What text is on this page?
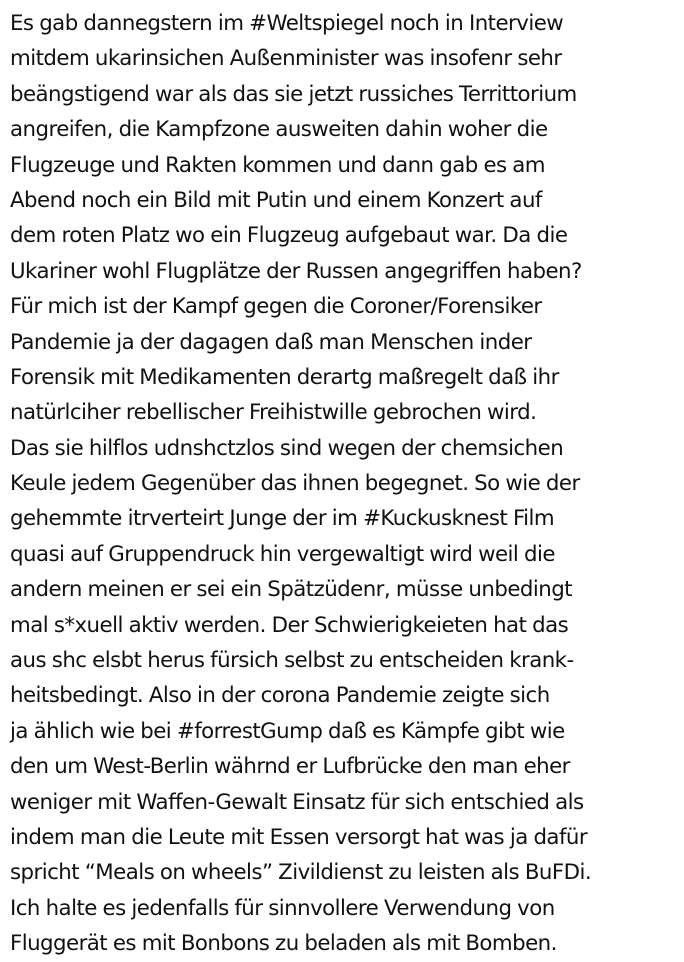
Es gab dannegstern im #Weltspiegel noch in Interview
mitdem ukarinsichen Außenminister was insofenr sehr
beängstigend war als das sie jetzt russiches Territtorium
angreifen, die Kampfzone ausweiten dahin woher die
Flugzeuge und Rakten kommen und dann gab es am
Abend noch ein Bild mit Putin und einem Konzert auf
dem roten Platz wo ein Flugzeug aufgebaut war. Da die
Ukariner wohl Flugplätze der Russen angegriffen haben?
Für mich ist der Kampf gegen die Coroner/Forensiker
Pandemie ja der dagagen daß man Menschen inder
Forensik mit Medikamenten derartg maßregelt daß ihr
natürlciher rebellischer Freihistwille gebrochen wird.
Das sie hilflos udnshctzlos sind wegen der chemsichen
Keule jedem Gegenüber das ihnen begegnet. So wie der
gehemmte itrverteirt Junge der im #Kuckusknest Film
quasi auf Gruppendruck hin vergewaltigt wird weil die
andern meinen er sei ein Spätzüdenr, müsse unbedingt
mal s*xuell aktiv werden. Der Schwierigkeieten hat das
aus shc elsbt herus fürsich selbst zu entscheiden krank-
heitsbedingt. Also in der corona Pandemie zeigte sich
ja ählich wie bei #forrestGump daß es Kämpfe gibt wie
den um West-Berlin währnd er Lufbrücke den man eher
weniger mit Waffen-Gewalt Einsatz für sich entschied als
indem man die Leute mit Essen versorgt hat was ja dafür
spricht “Meals on wheels” Zivildienst zu leisten als BuFDi.
Ich halte es jedenfalls für sinnvollere Verwendung von
Fluggerät es mit Bonbons zu beladen als mit Bomben.
